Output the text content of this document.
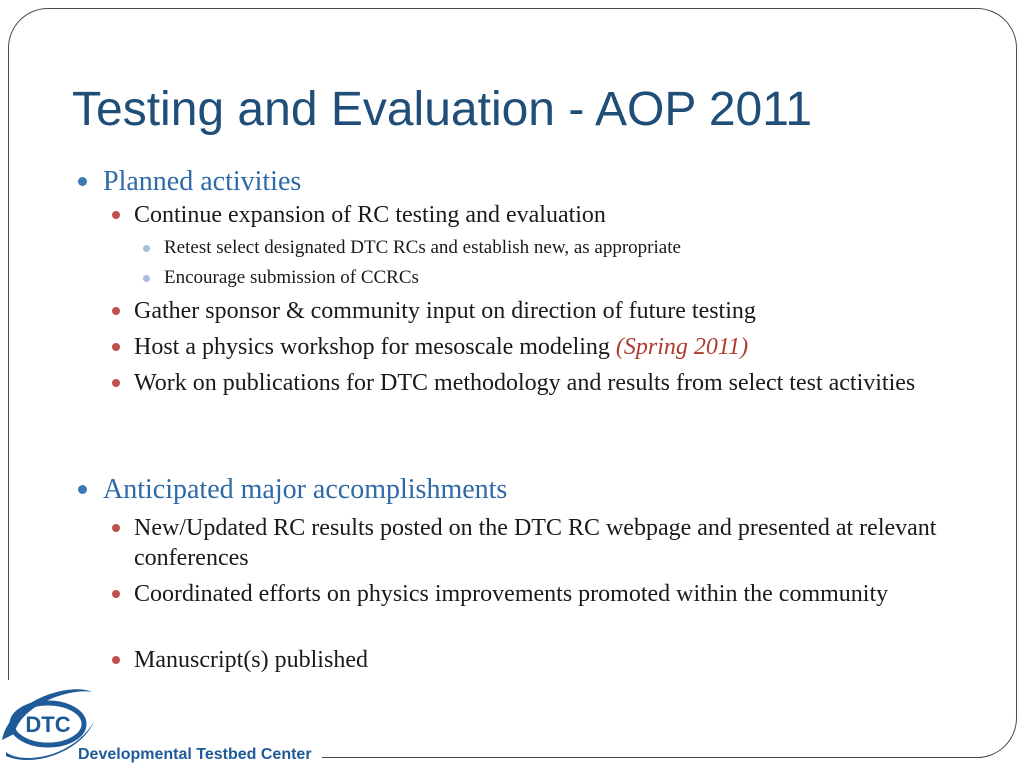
Testing and Evaluation - AOP 2011
Planned activities
Continue expansion of RC testing and evaluation
Retest select designated DTC RCs and establish new, as appropriate
Encourage submission of CCRCs
Gather sponsor & community input on direction of future testing
Host a physics workshop for mesoscale modeling (Spring 2011)
Work on publications for DTC methodology and results from select test activities
Anticipated major accomplishments
New/Updated RC results posted on the DTC RC webpage and presented at relevant conferences
Coordinated efforts on physics improvements promoted within the community
Manuscript(s) published
DTC
Developmental Testbed Center
